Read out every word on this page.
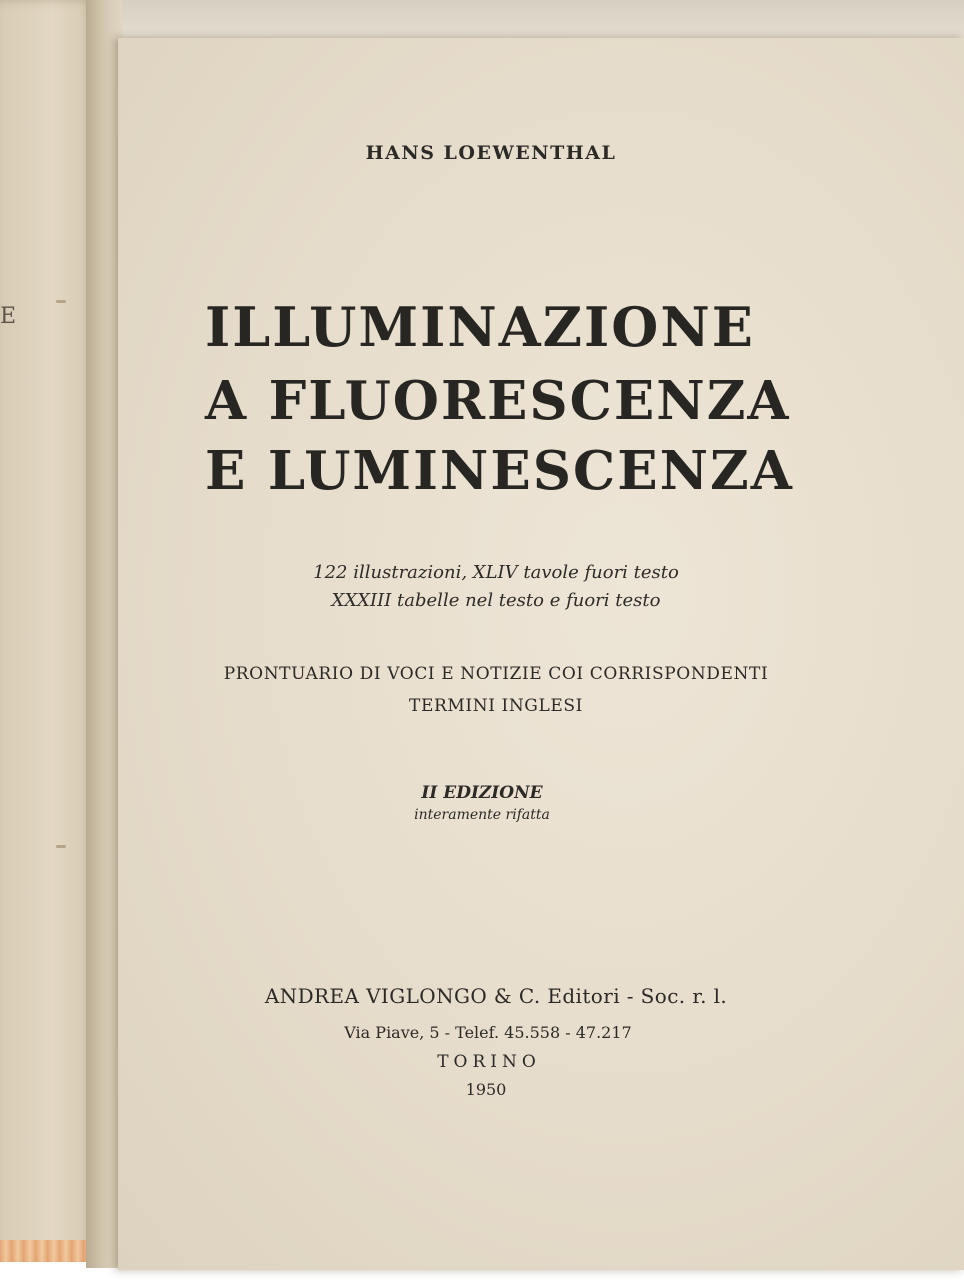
E
HANS LOEWENTHAL
ILLUMINAZIONE
A FLUORESCENZA
E LUMINESCENZA
122 illustrazioni, XLIV tavole fuori testo
XXXIII tabelle nel testo e fuori testo
PRONTUARIO DI VOCI E NOTIZIE COI CORRISPONDENTI
TERMINI INGLESI
II EDIZIONE
interamente rifatta
ANDREA VIGLONGO & C. Editori - Soc. r. l.
Via Piave, 5 - Telef. 45.558 - 47.217
TORINO
1950
